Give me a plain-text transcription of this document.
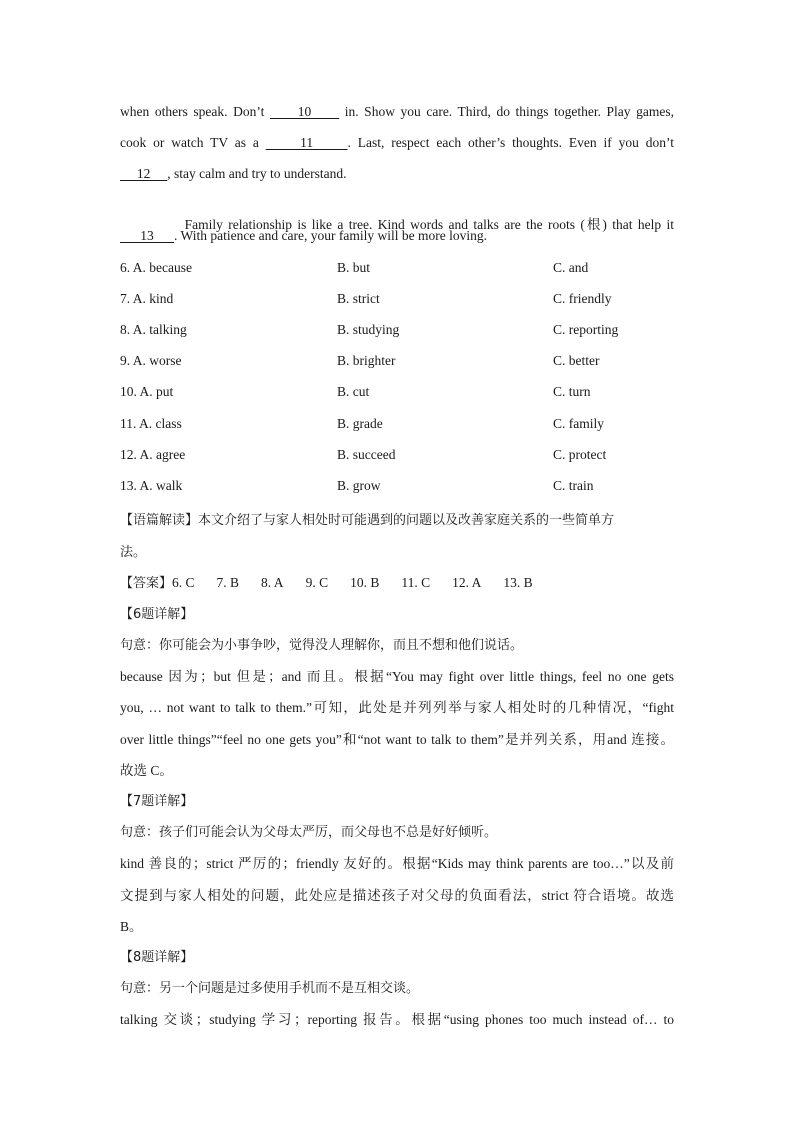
when others speak. Don’t      10      in. Show you care. Third, do things together. Play games,
cook or watch TV as a      11     . Last, respect each other’s thoughts. Even if you don’t
12     , stay calm and try to understand.

Family relationship is like a tree. Kind words and talks are the roots (根) that help it

13      . With patience and care, your family will be more loving.
6. A. because	B. but	C. and
7. A. kind	B. strict	C. friendly
8. A. talking	B. studying	C. reporting
9. A. worse	B. brighter	C. better
10. A. put	B. cut	C. turn
11. A. class	B. grade	C. family
12. A. agree	B. succeed	C. protect
13. A. walk	B. grow	C. train
【语篇解读】本文介绍了与家人相处时可能遇到的问题以及改善家庭关系的一些简单方
法。
【答案】6. C 7. B 8. A 9. C 10. B 11. C 12. A 13. B
【6题详解】
句意：你可能会为小事争吵，觉得没人理解你，而且不想和他们说话。
because 因为；but 但是；and 而且。根据“You may fight over little things, feel no one gets
you, … not want to talk to them.”可知，此处是并列列举与家人相处时的几种情况，“fight
over little things”“feel no one gets you”和“not want to talk to them”是并列关系，用and 连接。
故选 C。
【7题详解】
句意：孩子们可能会认为父母太严厉，而父母也不总是好好倾听。
kind 善良的；strict 严厉的；friendly 友好的。根据“Kids may think parents are too…”以及前
文提到与家人相处的问题，此处应是描述孩子对父母的负面看法，strict 符合语境。故选
B。
【8题详解】
句意：另一个问题是过多使用手机而不是互相交谈。
talking 交谈；studying 学习；reporting 报告。根据“using phones too much instead of… to
